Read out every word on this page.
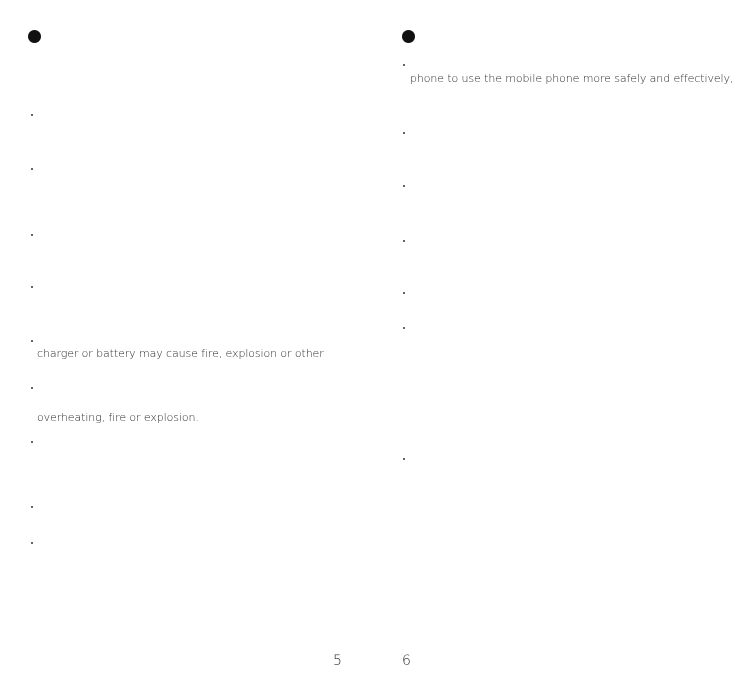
charger or battery may cause fire, explosion or other
overheating, fire or explosion.
5
phone to use the mobile phone more safely and effectively,
6
